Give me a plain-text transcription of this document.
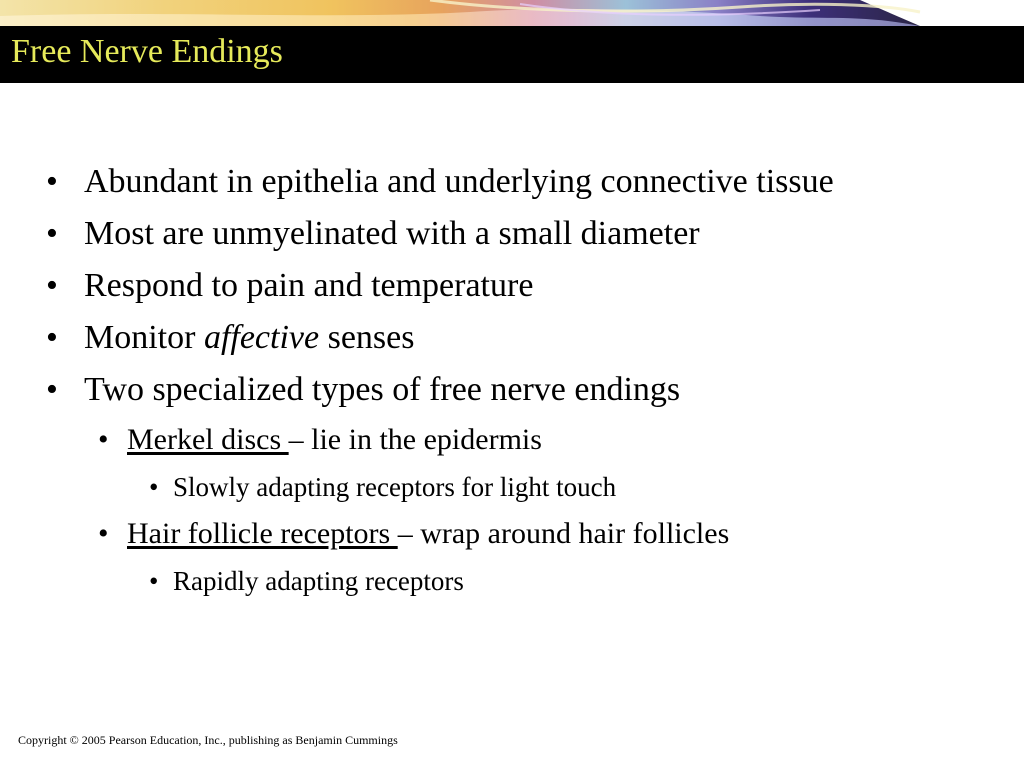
Free Nerve Endings
• Abundant in epithelia and underlying connective tissue
• Most are unmyelinated with a small diameter
• Respond to pain and temperature
• Monitor affective senses
• Two specialized types of free nerve endings
• Merkel discs – lie in the epidermis
• Slowly adapting receptors for light touch
• Hair follicle receptors – wrap around hair follicles
• Rapidly adapting receptors
Copyright © 2005 Pearson Education, Inc., publishing as Benjamin Cummings
